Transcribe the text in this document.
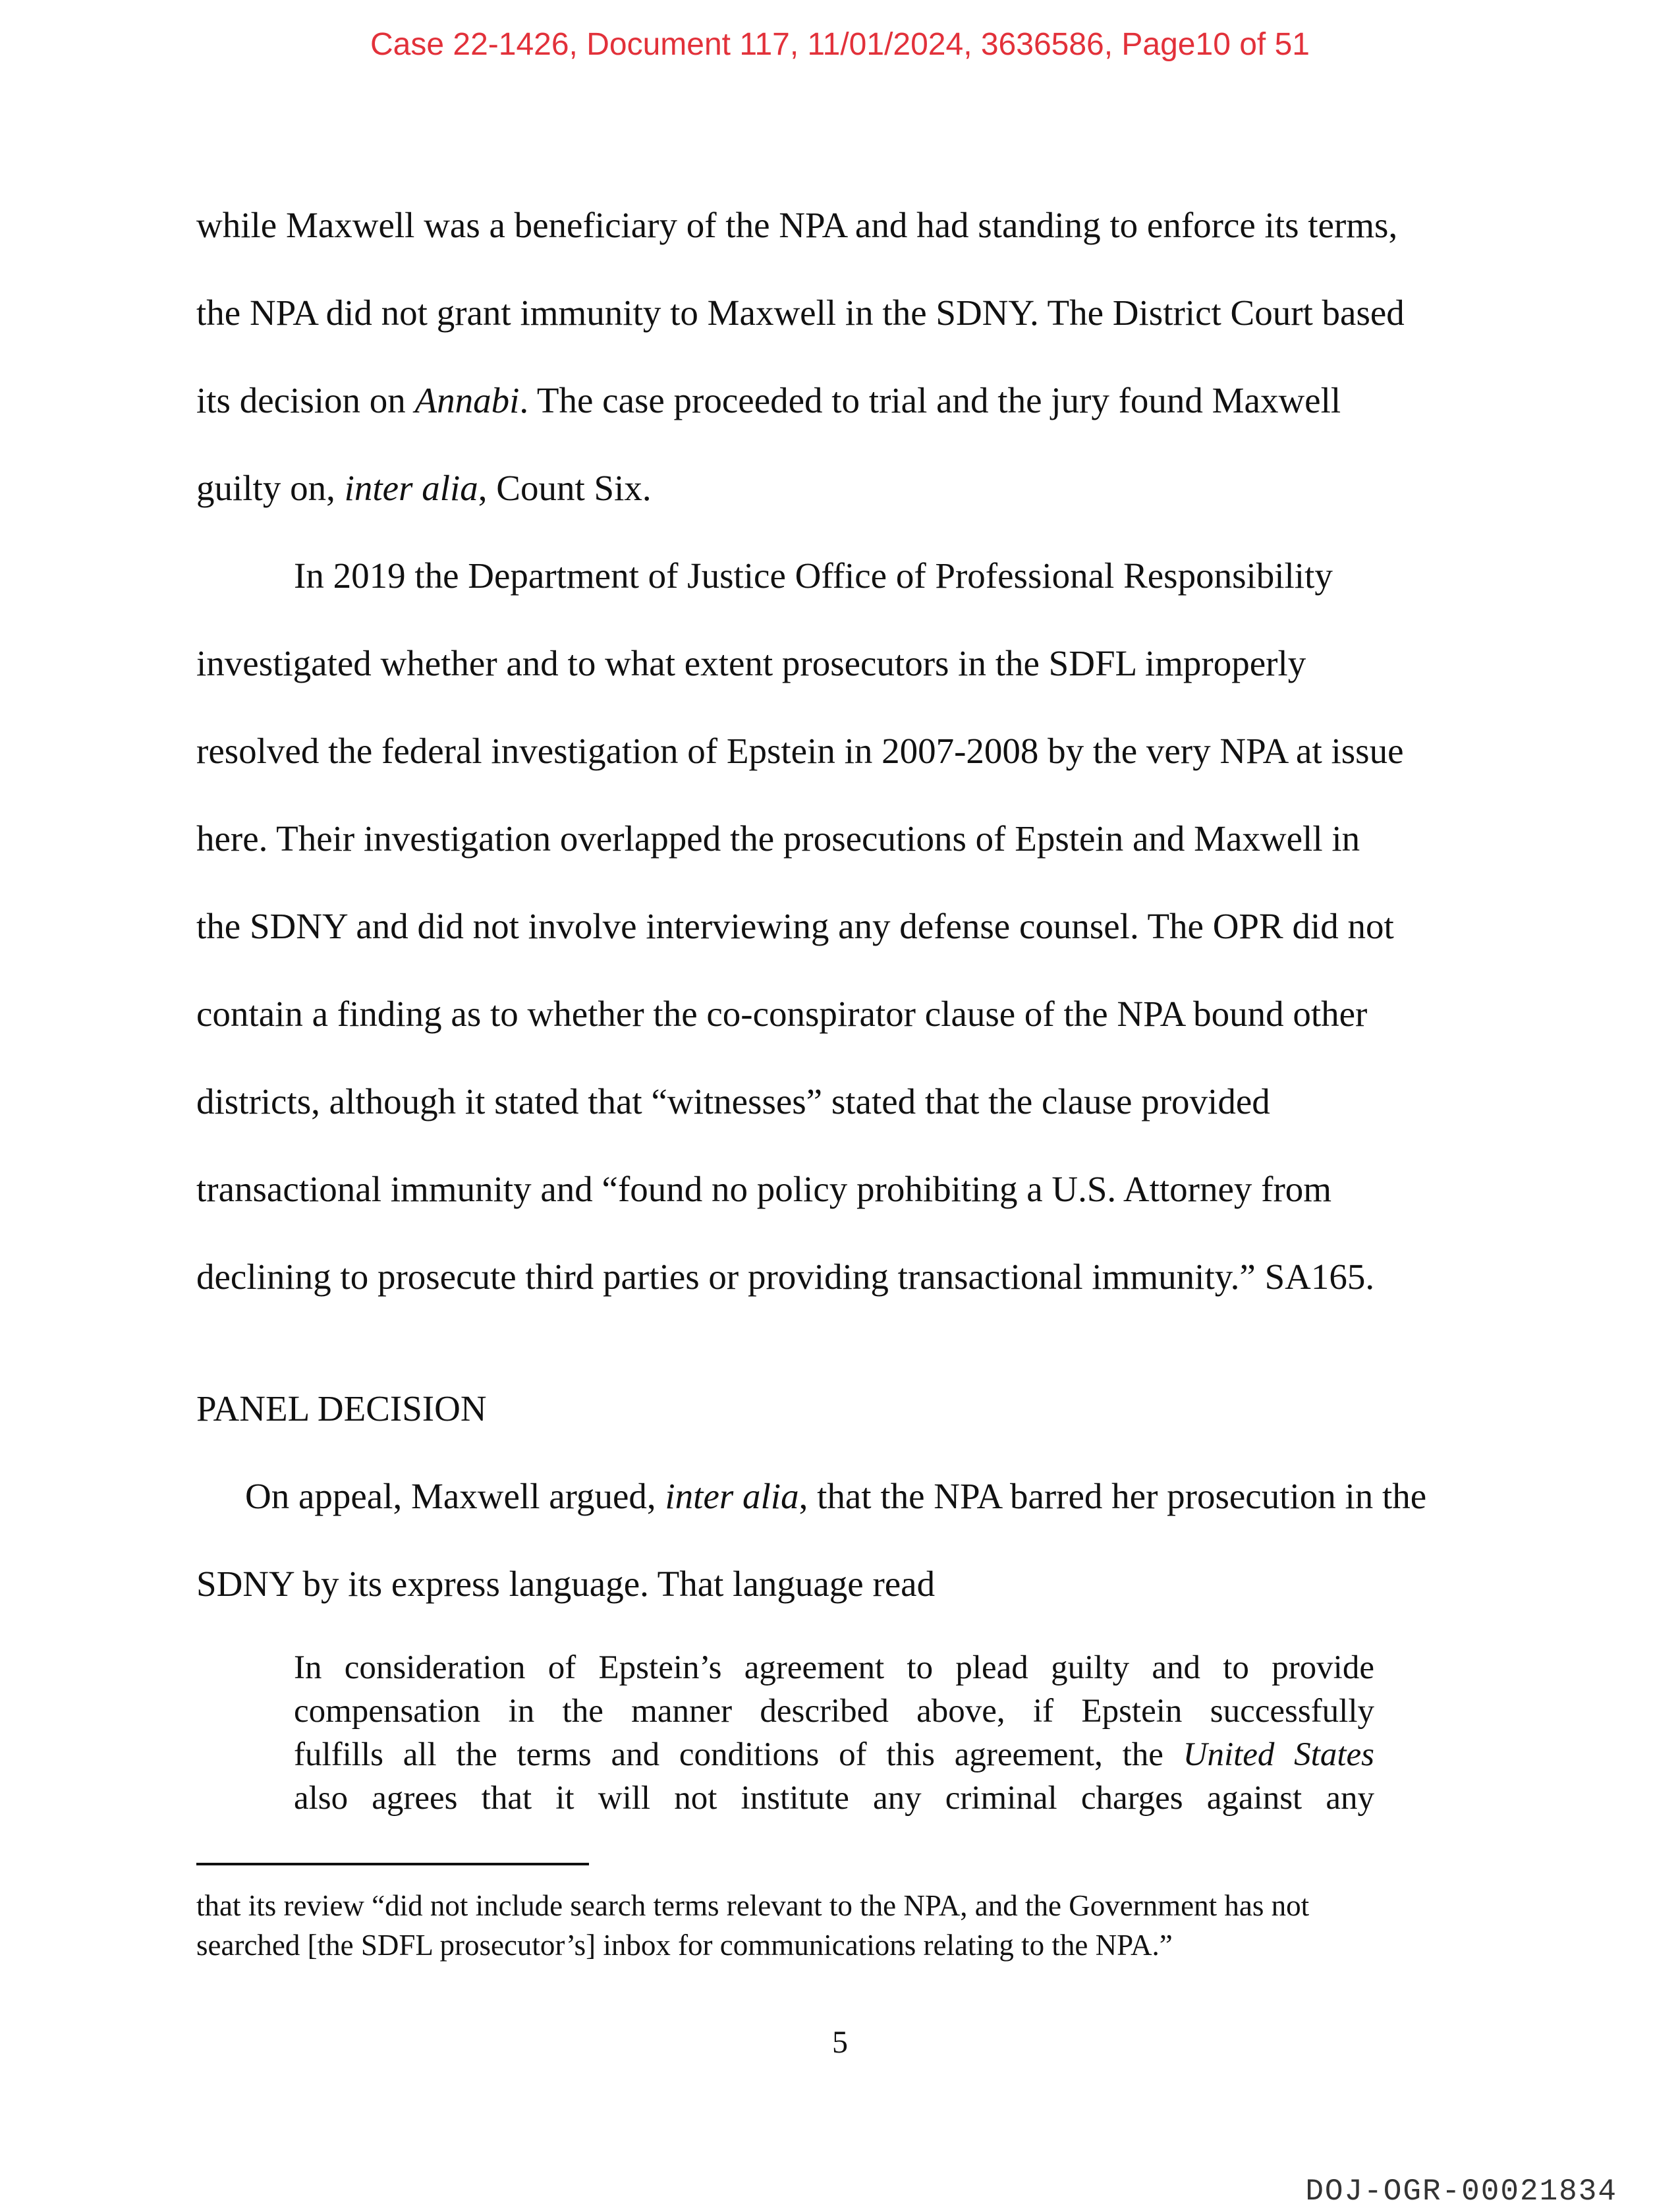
Case 22-1426, Document 117, 11/01/2024, 3636586, Page10 of 51
while Maxwell was a beneficiary of the NPA and had standing to enforce its terms,
the NPA did not grant immunity to Maxwell in the SDNY. The District Court based
its decision on Annabi. The case proceeded to trial and the jury found Maxwell
guilty on, inter alia, Count Six.
In 2019 the Department of Justice Office of Professional Responsibility
investigated whether and to what extent prosecutors in the SDFL improperly
resolved the federal investigation of Epstein in 2007-2008 by the very NPA at issue
here. Their investigation overlapped the prosecutions of Epstein and Maxwell in
the SDNY and did not involve interviewing any defense counsel. The OPR did not
contain a finding as to whether the co-conspirator clause of the NPA bound other
districts, although it stated that “witnesses” stated that the clause provided
transactional immunity and “found no policy prohibiting a U.S. Attorney from
declining to prosecute third parties or providing transactional immunity.” SA165.
PANEL DECISION
On appeal, Maxwell argued, inter alia, that the NPA barred her prosecution in the
SDNY by its express language. That language read
In consideration of Epstein’s agreement to plead guilty and to provide
compensation in the manner described above, if Epstein successfully
fulfills all the terms and conditions of this agreement, the United States
also agrees that it will not institute any criminal charges against any
that its review “did not include search terms relevant to the NPA, and the Government has not
searched [the SDFL prosecutor’s] inbox for communications relating to the NPA.”
5
DOJ-OGR-00021834
